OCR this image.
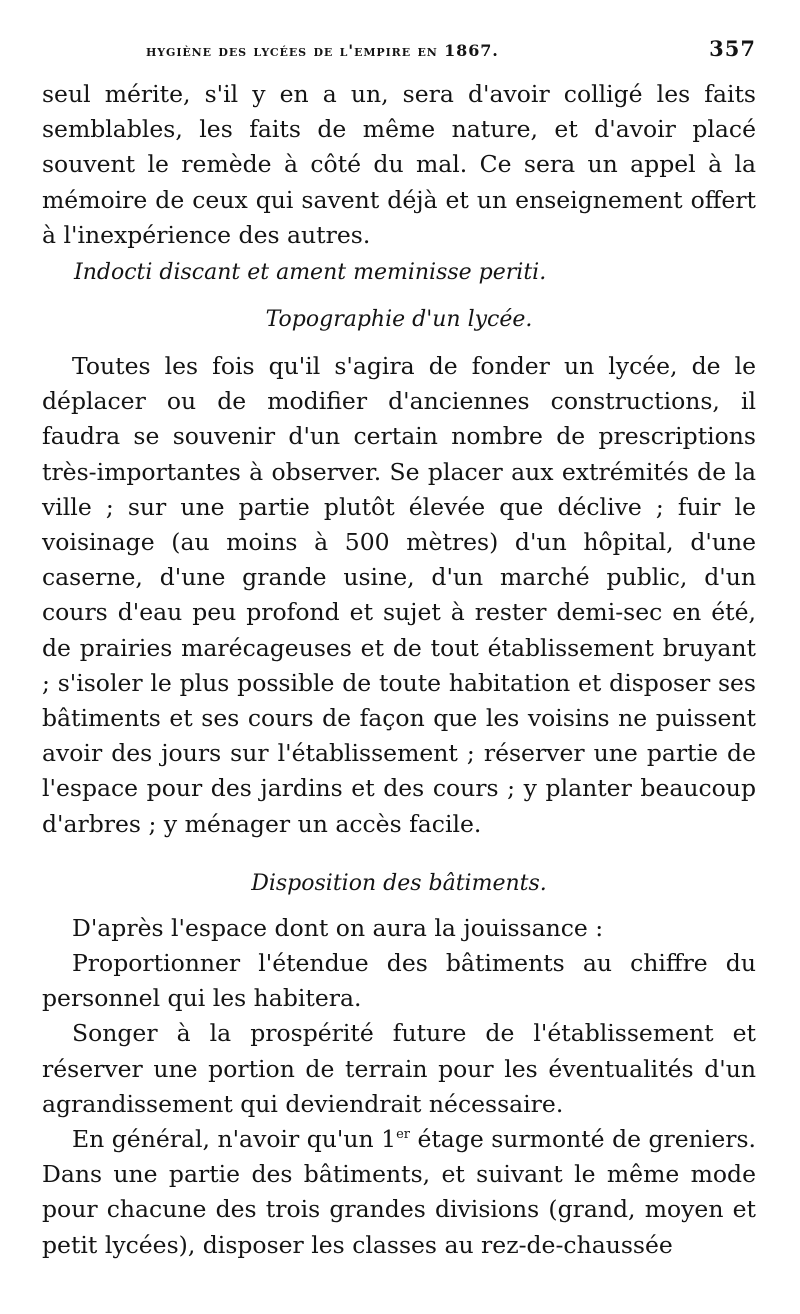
hygiène des lycées de l'empire en 1867.	357

seul mérite, s'il y en a un, sera d'avoir colligé les faits semblables, les faits de même nature, et d'avoir placé souvent le remède à côté du mal. Ce sera un appel à la mémoire de ceux qui savent déjà et un enseignement offert à l'inexpérience des autres.

Indocti discant et ament meminisse periti.
Topographie d'un lycée.

Toutes les fois qu'il s'agira de fonder un lycée, de le déplacer ou de modifier d'anciennes constructions, il faudra se souvenir d'un certain nombre de prescriptions très-importantes à observer. Se placer aux extrémités de la ville ; sur une partie plutôt élevée que déclive ; fuir le voisinage (au moins à 500 mètres) d'un hôpital, d'une caserne, d'une grande usine, d'un marché public, d'un cours d'eau peu profond et sujet à rester demi-sec en été, de prairies marécageuses et de tout établissement bruyant ; s'isoler le plus possible de toute habitation et disposer ses bâtiments et ses cours de façon que les voisins ne puissent avoir des jours sur l'établissement ; réserver une partie de l'espace pour des jardins et des cours ; y planter beaucoup d'arbres ; y ménager un accès facile.

Disposition des bâtiments.

D'après l'espace dont on aura la jouissance :

Proportionner l'étendue des bâtiments au chiffre du personnel qui les habitera.

Songer à la prospérité future de l'établissement et réserver une portion de terrain pour les éventualités d'un agrandissement qui deviendrait nécessaire.

En général, n'avoir qu'un 1er étage surmonté de greniers. Dans une partie des bâtiments, et suivant le même mode pour chacune des trois grandes divisions (grand, moyen et petit lycées), disposer les classes au rez-de-chaussée
